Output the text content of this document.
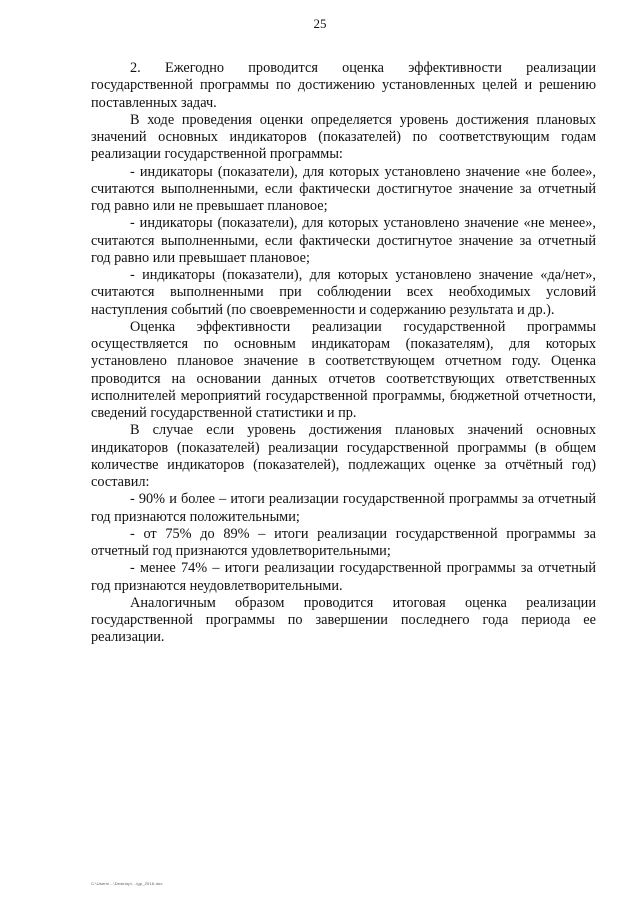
25

2. Ежегодно проводится оценка эффективности реализации государственной программы по достижению установленных целей и решению поставленных задач.

В ходе проведения оценки определяется уровень достижения плановых значений основных индикаторов (показателей) по соответствующим годам реализации государственной программы:

- индикаторы (показатели), для которых установлено значение «не более», считаются выполненными, если фактически достигнутое значение за отчетный год равно или не превышает плановое;

- индикаторы (показатели), для которых установлено значение «не менее», считаются выполненными, если фактически достигнутое значение за отчетный год равно или превышает плановое;

- индикаторы (показатели), для которых установлено значение «да/нет», считаются выполненными при соблюдении всех необходимых условий наступления событий (по своевременности и содержанию результата и др.).

Оценка эффективности реализации государственной программы осуществляется по основным индикаторам (показателям), для которых установлено плановое значение в соответствующем отчетном году. Оценка проводится на основании данных отчетов соответствующих ответственных исполнителей мероприятий государственной программы, бюджетной отчетности, сведений государственной статистики и пр.

В случае если уровень достижения плановых значений основных индикаторов (показателей) реализации государственной программы (в общем количестве индикаторов (показателей), подлежащих оценке за отчётный год) составил:

- 90% и более – итоги реализации государственной программы за отчетный год признаются положительными;

- от 75% до 89% – итоги реализации государственной программы за отчетный год признаются удовлетворительными;

- менее 74% – итоги реализации государственной программы за отчетный год признаются неудовлетворительными.

Аналогичным образом проводится итоговая оценка реализации государственной программы по завершении последнего года периода ее реализации.

C:\Users\...\Desktop\...\gp_2016.doc
